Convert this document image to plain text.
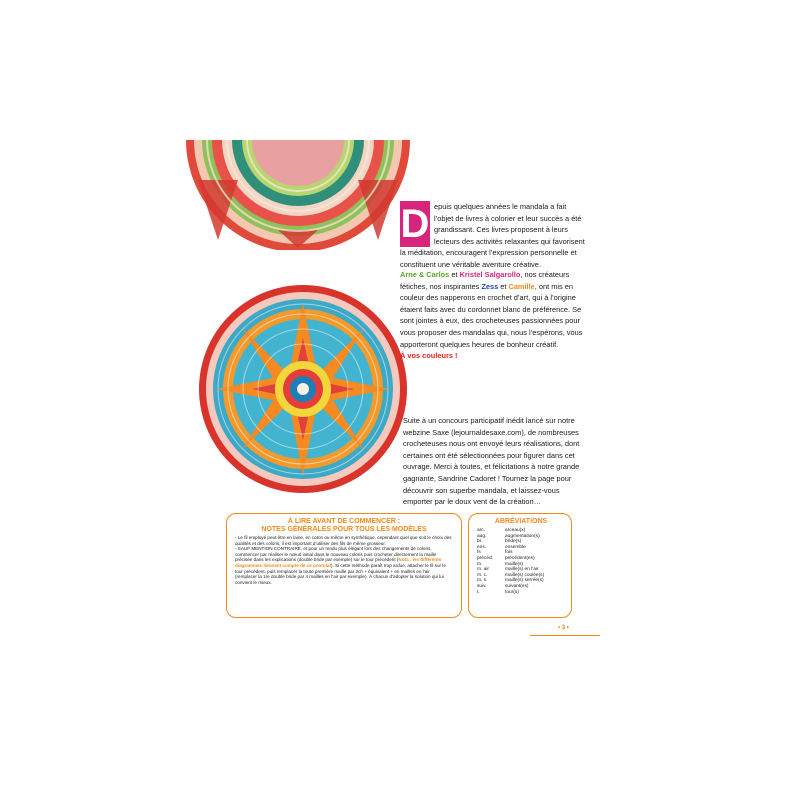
D epuis quelques années le mandala a fait l’objet de livres à colorier et leur succès a été grandissant. Ces livres proposent à leurs lecteurs des activités relaxantes qui favorisent la méditation, encouragent l’expression personnelle et constituent une véritable aventure créative.

Arne & Carlos et Kristel Salgarollo, nos créateurs fétiches, nos inspirantes Zess et Camille, ont mis en couleur des napperons en crochet d’art, qui à l’origine étaient faits avec du cordonnet blanc de préférence. Se sont jointes à eux, des crocheteuses passionnées pour vous proposer des mandalas qui, nous l’espérons, vous apporteront quelques heures de bonheur créatif.
À vos couleurs !

Suite à un concours participatif inédit lancé sur notre webzine Saxe (lejournaldesaxe.com), de nombreuses crocheteuses nous ont envoyé leurs réalisations, dont certaines ont été sélectionnées pour figurer dans cet ouvrage. Merci à toutes, et félicitations à notre grande gagnante, Sandrine Cadoret ! Tournez la page pour découvrir son superbe mandala, et laissez-vous emporter par le doux vent de la création…

À LIRE AVANT DE COMMENCER :

NOTES GÉNÉRALES POUR TOUS LES MODÈLES

- Le fil employé peut être en laine, en coton ou même en synthétique, cependant quel que soit le choix des qualités et des coloris, il est important d’utiliser des fils de même grosseur.

- SAUF MENTION CONTRAIRE, et pour un rendu plus élégant lors des changements de coloris, commencer par réaliser le nœud initial dans le nouveau coloris puis crocheter directement la maille précisée dans les explications (double bride par exemple) sur le tour précédent (Nota : les différents diagrammes tiennent compte de ce postulat). Si cette méthode paraît trop ardue, attacher le fil sur le tour précédent, puis remplacer la toute première maille par 3ch + équivalent + en mailles en l’air (remplacer la 1re double bride par 4 mailles en l’air par exemple). À chacun d’adopter la solution qui lui convient le mieux.

ABRÉVIATIONS

arc.	arceau(x)
aug.	augmentation(s)
br.	bride(s)
ens.	ensemble
fs	fois
précéd.	précédent(es)
m.	maille(s)
m. air	maille(s) en l’air
m. c.	maille(s) coulée(s)
m. s.	maille(s) serrée(s)
suiv.	suivant(es)
t.	tour(s)
• 3 •
